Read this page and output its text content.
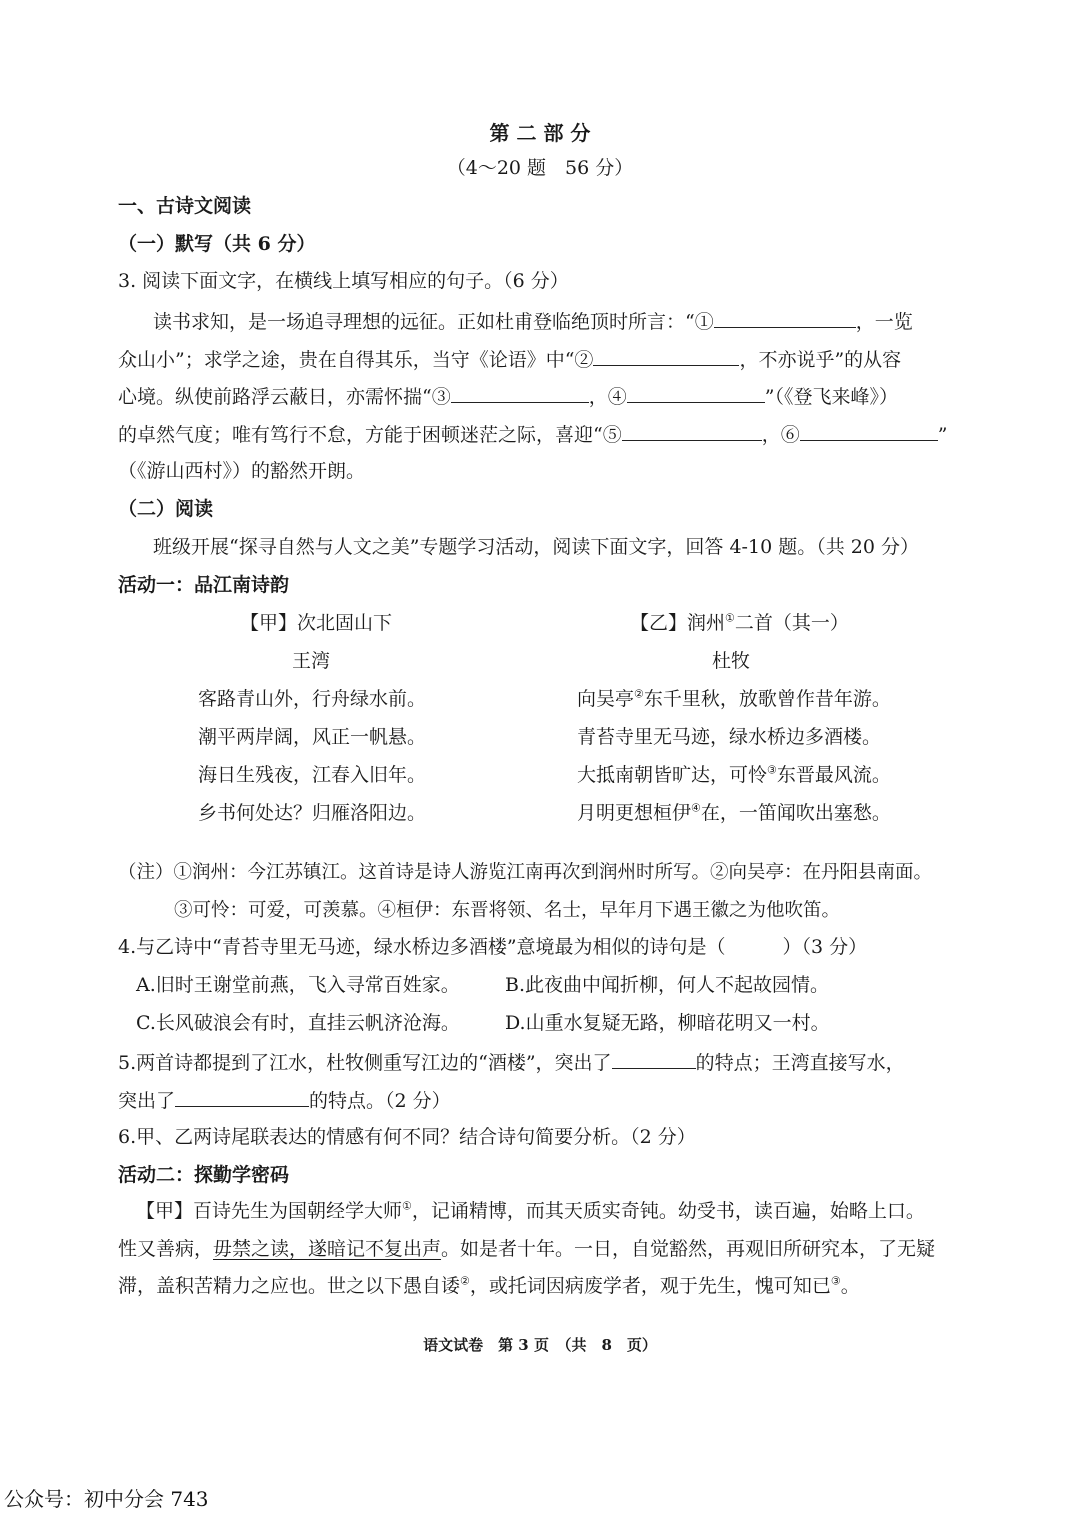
第 二 部 分
（4～20 题　56 分）
一、古诗文阅读
（一）默写（共 6 分）
3. 阅读下面文字，在横线上填写相应的句子。（6 分）
读书求知，是一场追寻理想的远征。正如杜甫登临绝顶时所言：“①	，一览
众山小”；求学之途，贵在自得其乐，当守《论语》中“②	，不亦说乎”的从容
心境。纵使前路浮云蔽日，亦需怀揣“③	，④	”（《登飞来峰》）
的卓然气度；唯有笃行不怠，方能于困顿迷茫之际，喜迎“⑤	，⑥	”
（《游山西村》）的豁然开朗。
（二）阅读
班级开展“探寻自然与人文之美”专题学习活动，阅读下面文字，回答 4-10 题。（共 20 分）
活动一：品江南诗韵
【甲】次北固山下
王湾
客路青山外，行舟绿水前。
潮平两岸阔，风正一帆悬。
海日生残夜，江春入旧年。
乡书何处达？归雁洛阳边。
【乙】润州①二首（其一）
杜牧
向吴亭②东千里秋，放歌曾作昔年游。
青苔寺里无马迹，绿水桥边多酒楼。
大抵南朝皆旷达，可怜③东晋最风流。
月明更想桓伊④在，一笛闻吹出塞愁。
（注）①润州：今江苏镇江。这首诗是诗人游览江南再次到润州时所写。②向吴亭：在丹阳县南面。
③可怜：可爱，可羡慕。④桓伊：东晋将领、名士，早年月下遇王徽之为他吹笛。
4.与乙诗中“青苔寺里无马迹，绿水桥边多酒楼”意境最为相似的诗句是（　　　）（3 分）
A.旧时王谢堂前燕，飞入寻常百姓家。 B.此夜曲中闻折柳，何人不起故园情。
C.长风破浪会有时，直挂云帆济沧海。 D.山重水复疑无路，柳暗花明又一村。
5.两首诗都提到了江水，杜牧侧重写江边的“酒楼”，突出了	的特点；王湾直接写水，
突出了	的特点。（2 分）
6.甲、乙两诗尾联表达的情感有何不同？结合诗句简要分析。（2 分）
活动二：探勤学密码
【甲】百诗先生为国朝经学大师①，记诵精博，而其天质实奇钝。幼受书，读百遍，始略上口。
性又善病，毋禁之读，遂暗记不复出声。如是者十年。一日，自觉豁然，再观旧所研究本，了无疑
滞，盖积苦精力之应也。世之以下愚自诿②，或托词因病废学者，观于先生，愧可知已③。
语文试卷　第 3 页　（共　8　页）
公众号：初中分会 743
